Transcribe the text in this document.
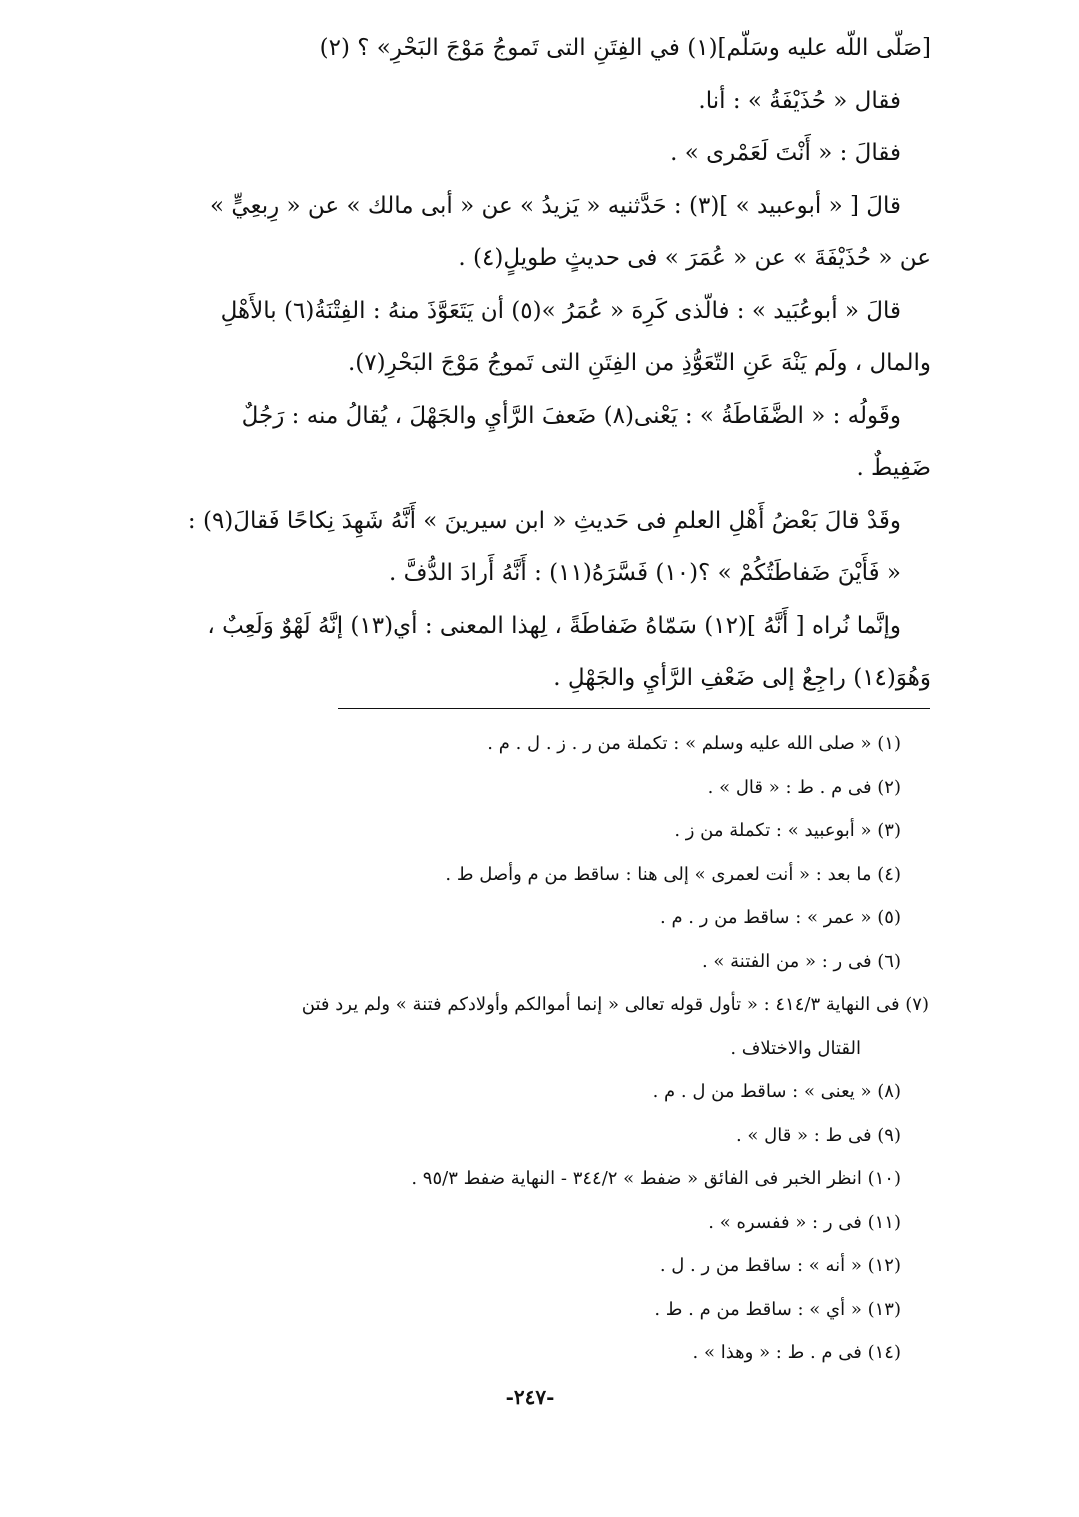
[صَلّى اللّه عليه وسَلّم](١) في الفِتَنِ التى تَموجُ مَوْجَ البَحْرِ» ؟ (٢)

فقال « حُذَيْفَةُ » : أنا.

فقالَ : « أَنْتَ لَعَمْرى » .

قالَ [ « أبوعبيد » ](٣) : حَدَّثنيه « يَزيدُ » عن « أبى مالك » عن « رِبعِيٍّ »

عن « حُذَيْفَةَ » عن « عُمَرَ » فى حديثٍ طويلٍ(٤) .

قالَ « أبوعُبَيد » : فالّذى كَرِهَ « عُمَرُ »(٥) أن يَتَعَوَّذَ منهُ : الفِتْنَةُ(٦) بالأَهْلِ

والمال ، ولَم يَنْهَ عَنِ التّعَوُّذِ من الفِتَنِ التى تَموجُ مَوْجَ البَحْرِ(٧).

وقَولُه : « الضَّفَاطَةُ » : يَعْنى(٨) ضَعفَ الرَّأيِ والجَهْلَ ، يُقالُ منه : رَجُلٌ

ضَفِيطٌ .

وقَدْ قالَ بَعْضُ أَهْلِ العلمِ فى حَديثِ « ابن سيرينَ » أَنَّهُ شَهِدَ نِكاحًا فَقالَ(٩) :

« فَأَيْنَ ضَفاطَتُكُمْ » ؟(١٠) فَسَّرَهُ(١١) : أَنَّهُ أَرادَ الدُّفَّ .

وإنَّما نُراه [ أَنَّهُ ](١٢) سَمّاهُ ضَفاطَةً ، لِهذا المعنى : أي(١٣) إنَّهُ لَهْوٌ وَلَعِبٌ ،

وَهُوَ(١٤) راجِعٌ إلى ضَعْفِ الرَّأيِ والجَهْلِ .

(١) « صلى الله عليه وسلم » : تكملة من ر . ز . ل . م .

(٢) فى م . ط : « قال » .

(٣) « أبوعبيد » : تكملة من ز .

(٤) ما بعد : « أنت لعمرى » إلى هنا : ساقط من م وأصل ط .

(٥) « عمر » : ساقط من ر . م .

(٦) فى ر : « من الفتنة » .

(٧) فى النهاية ٤١٤/٣ : « تأول قوله تعالى « إنما أموالكم وأولادكم فتنة » ولم يرد فتن

القتال والاختلاف .

(٨) « يعنى » : ساقط من ل . م .

(٩) فى ط : « قال » .

(١٠) انظر الخبر فى الفائق « ضفط » ٣٤٤/٢ - النهاية ضفط ٩٥/٣ .

(١١) فى ر : « ففسره » .

(١٢) « أنه » : ساقط من ر . ل .

(١٣) « أي » : ساقط من م . ط .

(١٤) فى م . ط : « وهذا » .

-٢٤٧-
